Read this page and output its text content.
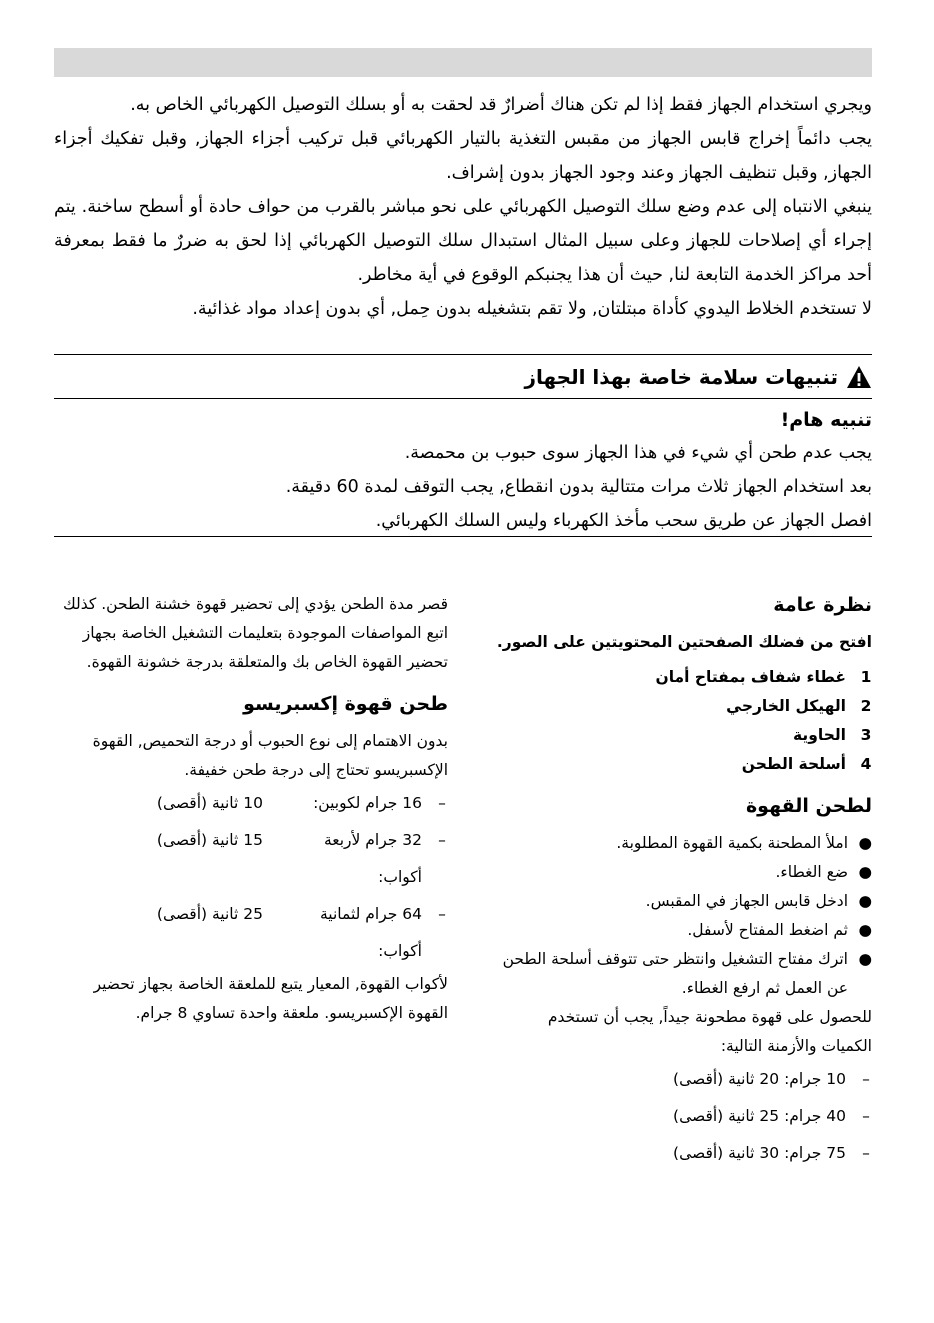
ويجري استخدام الجهاز فقط إذا لم تكن هناك أضرارٌ قد لحقت به أو بسلك التوصيل الكهربائي الخاص به.

يجب دائماً إخراج قابس الجهاز من مقبس التغذية بالتيار الكهربائي قبل تركيب أجزاء الجهاز, وقبل تفكيك أجزاء الجهاز, وقبل تنظيف الجهاز وعند وجود الجهاز بدون إشراف.

ينبغي الانتباه إلى عدم وضع سلك التوصيل الكهربائي على نحو مباشر بالقرب من حواف حادة أو أسطح ساخنة. يتم إجراء أي إصلاحات للجهاز وعلى سبيل المثال استبدال سلك التوصيل الكهربائي إذا لحق به ضررٌ ما فقط بمعرفة أحد مراكز الخدمة التابعة لنا, حيث أن هذا يجنبكم الوقوع في أية مخاطر.

لا تستخدم الخلاط اليدوي كأداة مبتلتان, ولا تقم بتشغيله بدون حِمل, أي بدون إعداد مواد غذائية.

تنبيهات سلامة خاصة بهذا الجهاز

تنبيه هام!

يجب عدم طحن أي شيء في هذا الجهاز سوى حبوب بن محمصة.

بعد استخدام الجهاز ثلاث مرات متتالية بدون انقطاع, يجب التوقف لمدة 60 دقيقة.

افصل الجهاز عن طريق سحب مأخذ الكهرباء وليس السلك الكهربائي.

نظرة عامة

افتح من فضلك الصفحتين المحتويتين على الصور.

1
غطاء شفاف بمفتاح أمان
2
الهيكل الخارجي
3
الحاوية
4
أسلحة الطحن

لطحن القهوة

●
املأ المطحنة بكمية القهوة المطلوبة.
●
ضع الغطاء.
●
ادخل قابس الجهاز في المقبس.
●
ثم اضغط المفتاح لأسفل.
●
اترك مفتاح التشغيل وانتظر حتى تتوقف أسلحة الطحن عن العمل ثم ارفع الغطاء.

للحصول على قهوة مطحونة جيداً, يجب أن تستخدم الكميات والأزمنة التالية:

–
10 جرام: 20 ثانية (أقصى)
–
40 جرام: 25 ثانية (أقصى)
–
75 جرام: 30 ثانية (أقصى)

قصر مدة الطحن يؤدي إلى تحضير قهوة خشنة الطحن. كذلك اتبع المواصفات الموجودة بتعليمات التشغيل الخاصة بجهاز تحضير القهوة الخاص بك والمتعلقة بدرجة خشونة القهوة.

طحن قهوة إكسبريسو

بدون الاهتمام إلى نوع الحبوب أو درجة التحميص, القهوة الإكسبريسو تحتاج إلى درجة طحن خفيفة.

–
16 جرام لكوبين:
10 ثانية (أقصى)
–
32 جرام لأربعة أكواب:
15 ثانية (أقصى)
–
64 جرام لثمانية أكواب:
25 ثانية (أقصى)

لأكواب القهوة, المعيار يتبع للملعقة الخاصة بجهاز تحضير القهوة الإكسبريسو. ملعقة واحدة تساوي 8 جرام.
